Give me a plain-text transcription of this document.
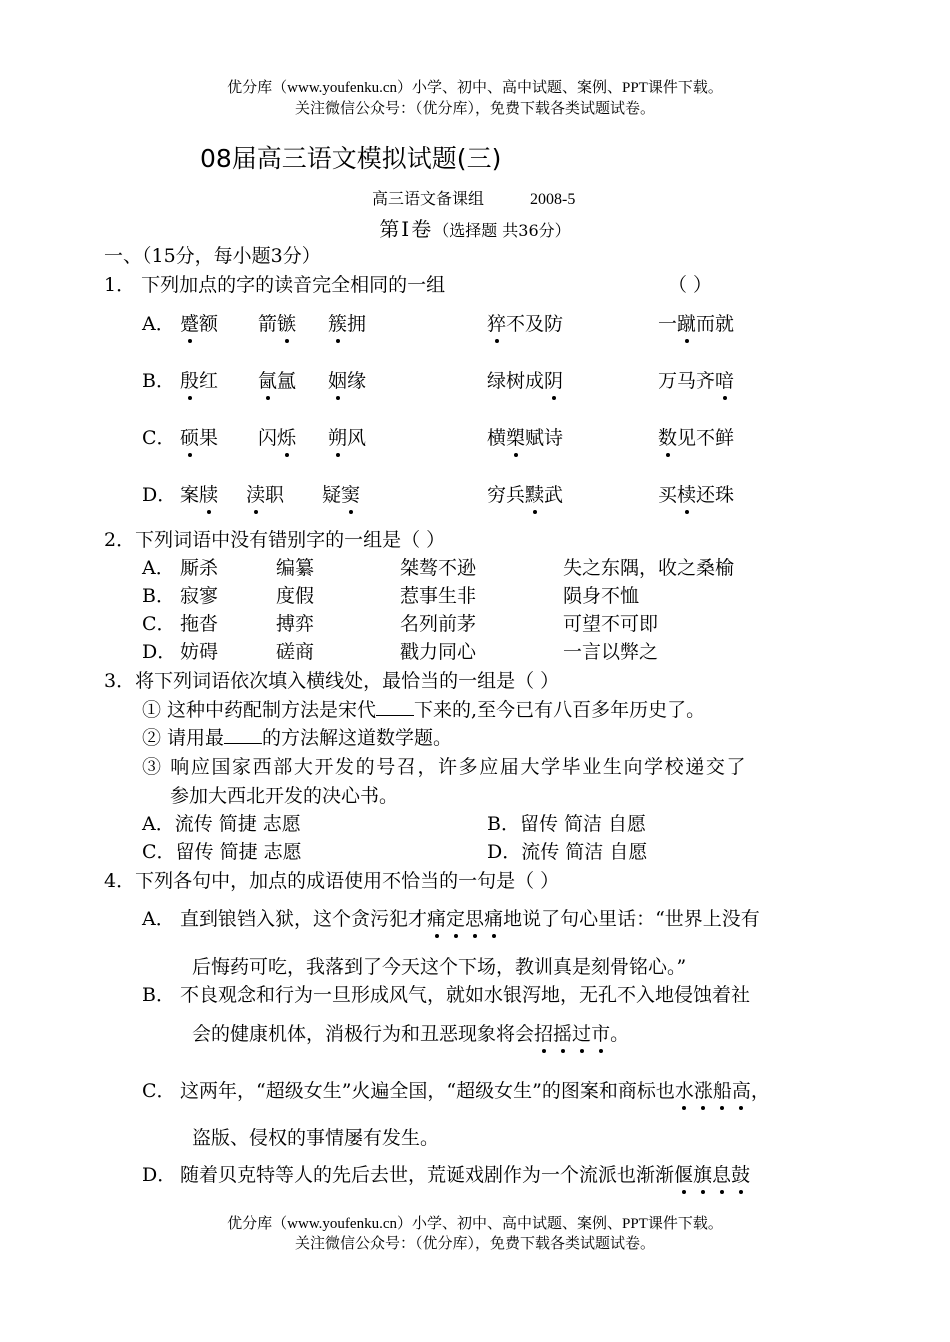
优分库（www.youfenku.cn）小学、初中、高中试题、案例、PPT课件下载。
关注微信公众号：（优分库），免费下载各类试题试卷。
08届高三语文模拟试题(三)
高三语文备课组	2008-5
第Ⅰ卷（选择题 共36分）
一、（15分，每小题3分）
1． 下列加点的字的读音完全相同的一组	（ ）
A． 蹙额 箭镞 簇拥	猝不及防	一蹴而就
B． 殷红 氤氲 姻缘	绿树成阴	万马齐喑
C． 硕果 闪烁 朔风	横槊赋诗	数见不鲜
D． 案牍 渎职 疑窦	穷兵黩武	买椟还珠
2．下列词语中没有错别字的一组是（ ）
A． 厮杀	编纂	桀骜不逊	失之东隅，收之桑榆
B． 寂寥	度假	惹事生非	陨身不恤
C． 拖沓	搏弈	名列前茅	可望不可即
D． 妨碍	磋商	戳力同心	一言以弊之
3．将下列词语依次填入横线处，最恰当的一组是（ ）
① 这种中药配制方法是宋代 下来的,至今已有八百多年历史了。
② 请用最 的方法解这道数学题。
③ 响应国家西部大开发的号召，许多应届大学毕业生向学校递交了
参加大西北开发的决心书。
A．流传 简捷 志愿	B．留传 简洁 自愿
C．留传 简捷 志愿	D．流传 简洁 自愿
4．下列各句中，加点的成语使用不恰当的一句是（ ）
A． 直到锒铛入狱，这个贪污犯才痛定思痛地说了句心里话：“世界上没有
后悔药可吃，我落到了今天这个下场，教训真是刻骨铭心。”
B． 不良观念和行为一旦形成风气，就如水银泻地，无孔不入地侵蚀着社
会的健康机体，消极行为和丑恶现象将会招摇过市。
C． 这两年，“超级女生”火遍全国，“超级女生”的图案和商标也水涨船高，
盗版、侵权的事情屡有发生。
D． 随着贝克特等人的先后去世，荒诞戏剧作为一个流派也渐渐偃旗息鼓
优分库（www.youfenku.cn）小学、初中、高中试题、案例、PPT课件下载。
关注微信公众号：（优分库），免费下载各类试题试卷。
